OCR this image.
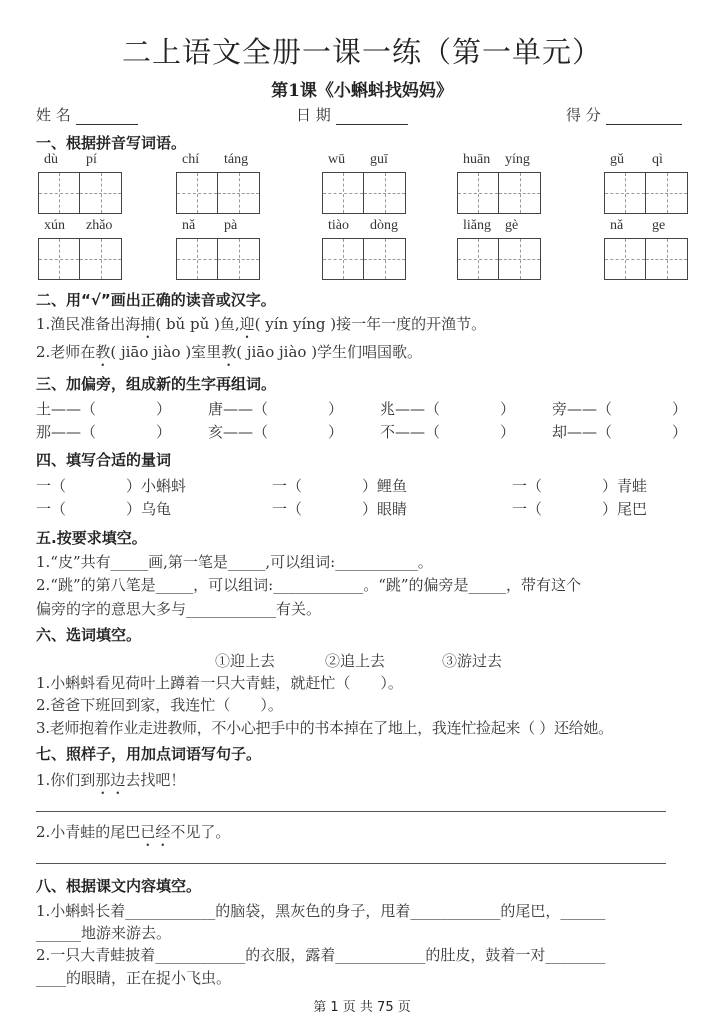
二上语文全册一课一练（第一单元）
第1课《小蝌蚪找妈妈》
姓 名	日 期	得 分
一、根据拼音写词语。
dù pí	chí táng	wū guī	huān yíng	gǔ qì
xún zhǎo	nǎ pà	tiào dòng	liǎng gè	nǎ ge
二、用“√”画出正确的读音或汉字。
1.渔民准备出海捕( bǔ pǔ )鱼,迎( yín yíng )接一年一度的开渔节。
2.老师在教( jiāo jiào )室里教( jiāo jiào )学生们唱国歌。
三、加偏旁，组成新的生字再组词。
土——（　　　　） 唐——（　　　　） 兆——（　　　　） 旁——（　　　　）
那——（　　　　） 亥——（　　　　） 不——（　　　　） 却——（　　　　）
四、填写合适的量词
一（　　　　）小蝌蚪	一（　　　　）鲤鱼	一（　　　　）青蛙
一（　　　　）乌龟	一（　　　　）眼睛	一（　　　　）尾巴
五.按要求填空。
1.“皮”共有_____画,第一笔是_____,可以组词:___________。
2.“跳”的第八笔是_____，可以组词:____________。“跳”的偏旁是_____，带有这个
偏旁的字的意思大多与____________有关。
六、选词填空。
①迎上去	②追上去	③游过去
1.小蝌蚪看见荷叶上蹲着一只大青蛙，就赶忙（　　）。
2.爸爸下班回到家，我连忙（　　）。
3.老师抱着作业走进教师，不小心把手中的书本掉在了地上，我连忙捡起来（ ）还给她。
七、照样子，用加点词语写句子。
1.你们到那边去找吧！
2.小青蛙的尾巴已经不见了。
八、根据课文内容填空。
1.小蝌蚪长着____________的脑袋，黑灰色的身子，甩着____________的尾巴，______
______地游来游去。
2.一只大青蛙披着____________的衣服，露着____________的肚皮，鼓着一对________
____的眼睛，正在捉小飞虫。
第 1 页 共 75 页
